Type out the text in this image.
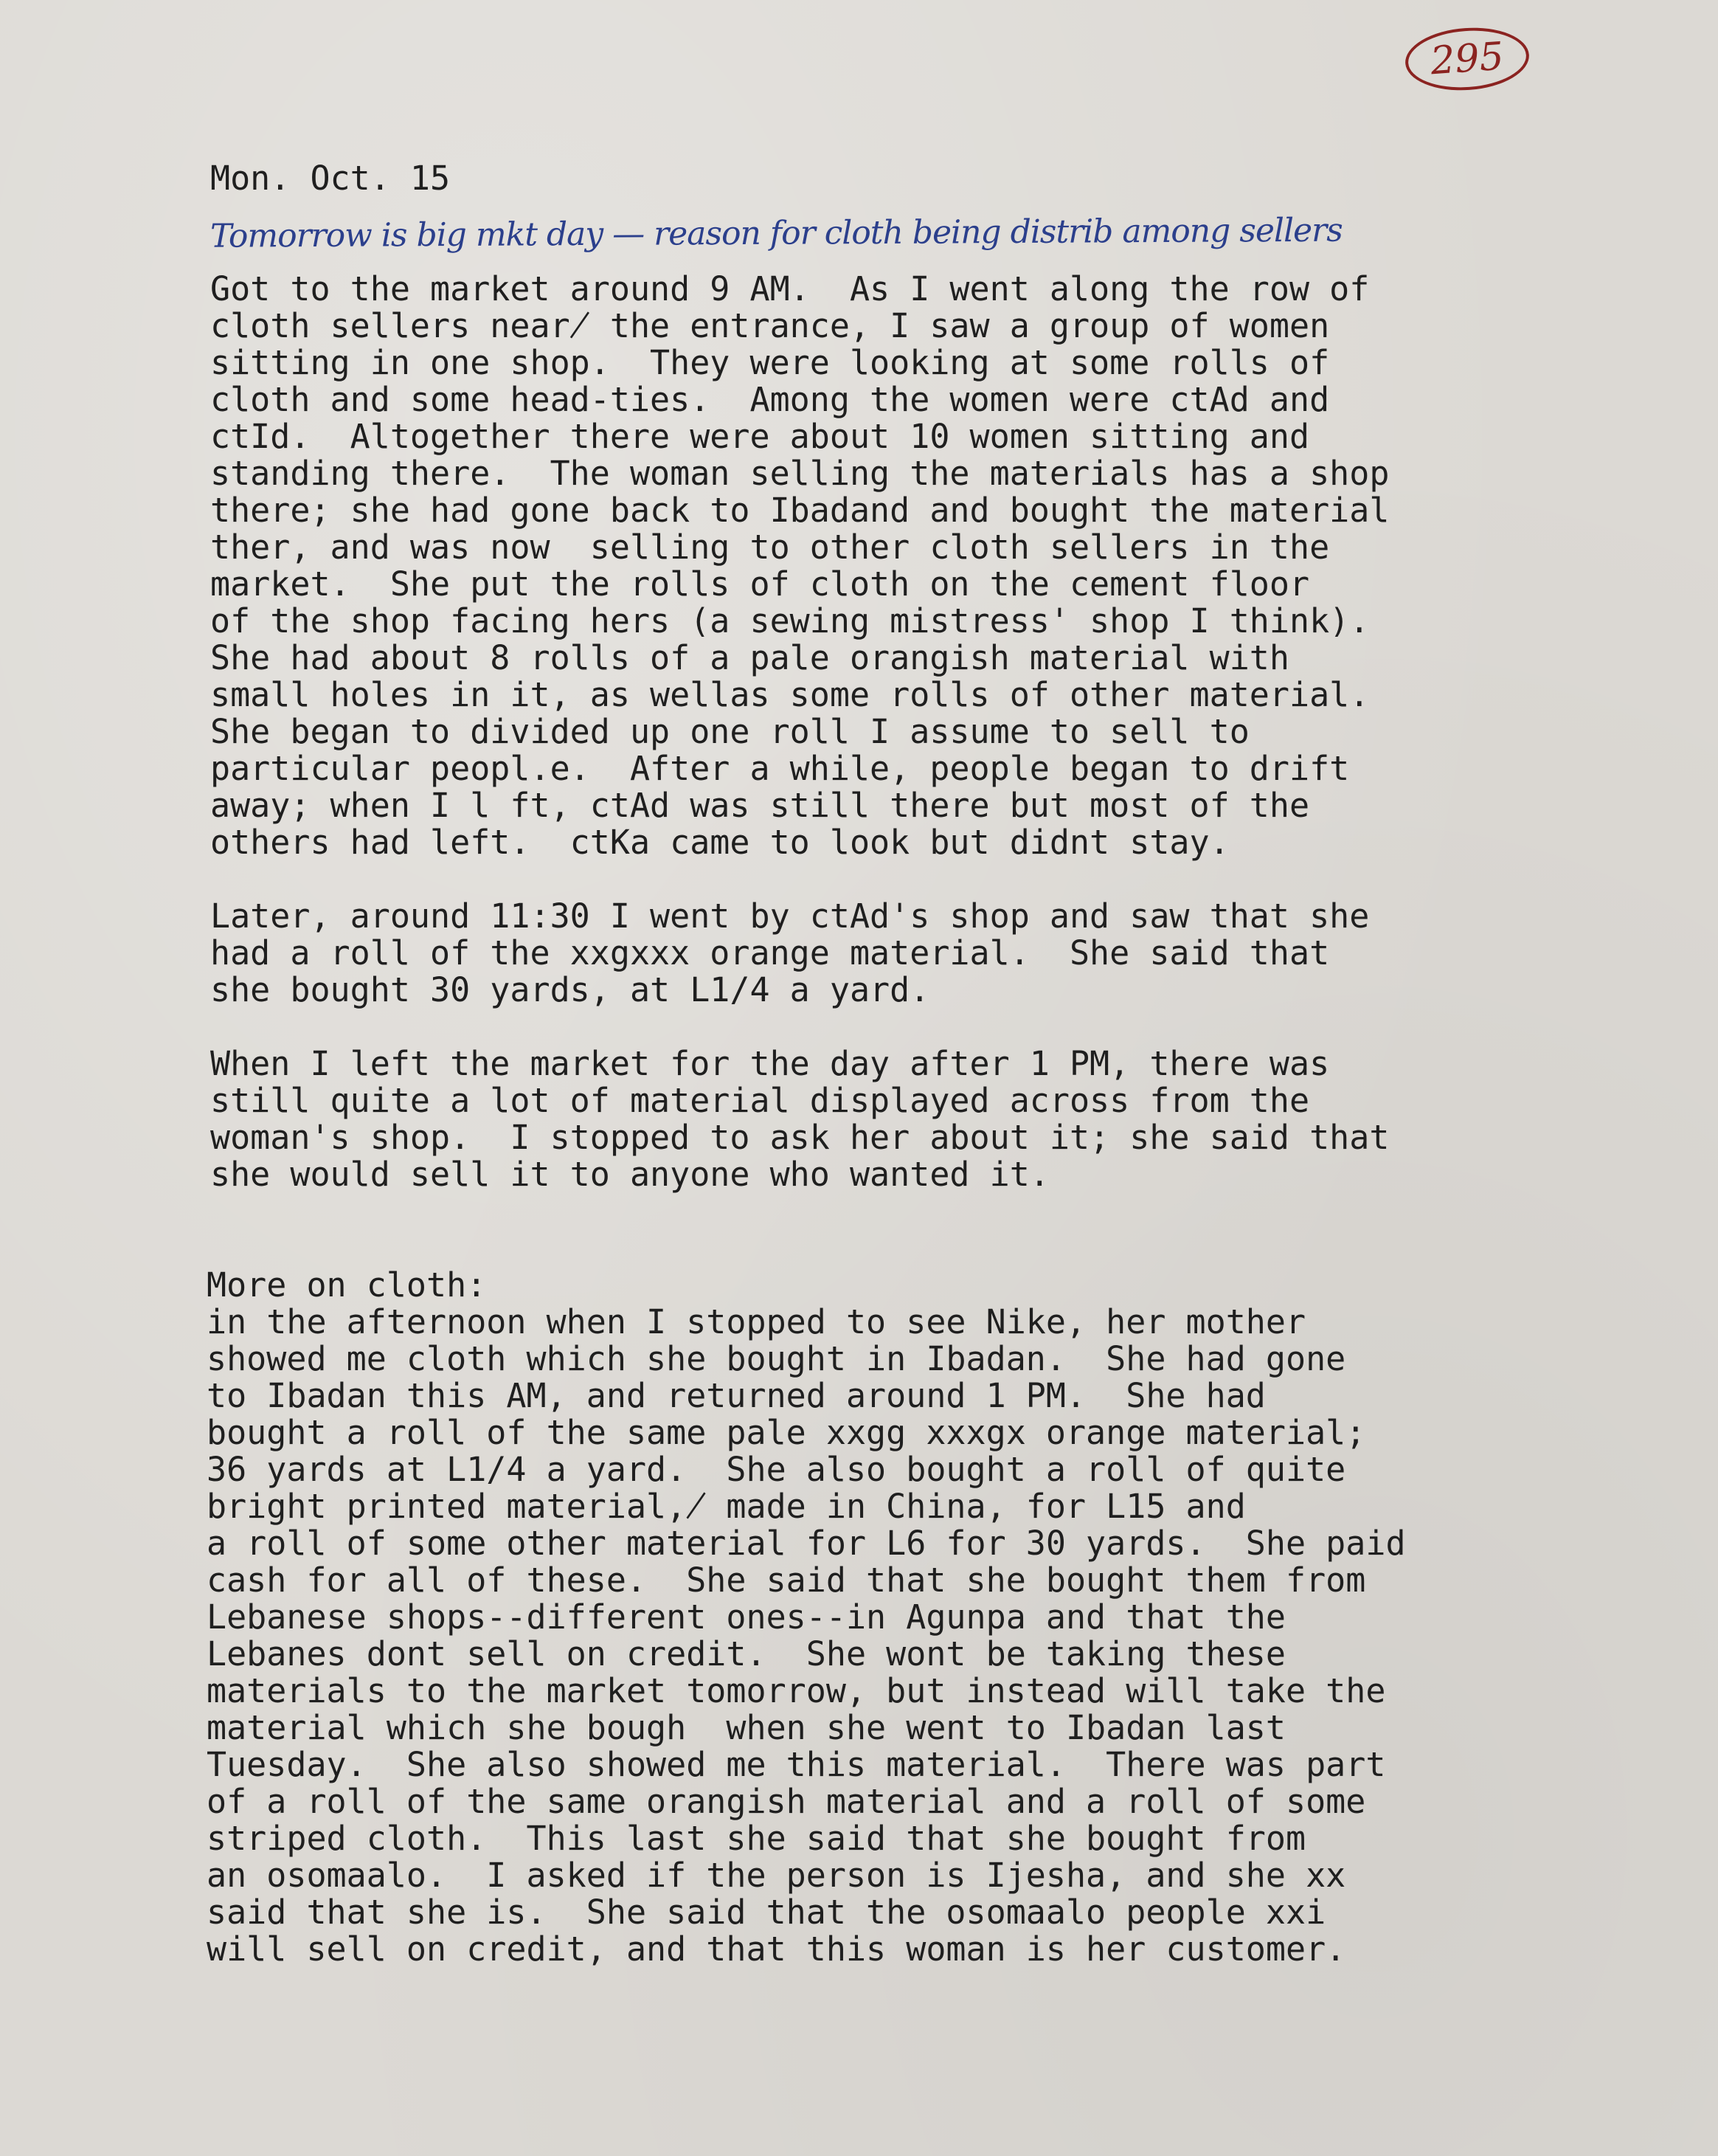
295
Mon. Oct. 15
Tomorrow is big mkt day — reason for cloth being distrib among sellers
Got to the market around 9 AM.  As I went along the row of
cloth sellers near̸ the entrance, I saw a group of women
sitting in one shop.  They were looking at some rolls of
cloth and some head-ties.  Among the women were ctAd and
ctId.  Altogether there were about 10 women sitting and
standing there.  The woman selling the materials has a shop
there; she had gone back to Ibadand and bought the material
ther, and was now  selling to other cloth sellers in the
market.  She put the rolls of cloth on the cement floor
of the shop facing hers (a sewing mistress' shop I think).
She had about 8 rolls of a pale orangish material with
small holes in it, as wellas some rolls of other material.
She began to divided up one roll I assume to sell to
particular peopl.e.  After a while, people began to drift
away; when I l ft, ctAd was still there but most of the
others had left.  ctKa came to look but didnt stay.
Later, around 11:30 I went by ctAd's shop and saw that she
had a roll of the xxgxxx orange material.  She said that
she bought 30 yards, at L1/4 a yard.
When I left the market for the day after 1 PM, there was
still quite a lot of material displayed across from the
woman's shop.  I stopped to ask her about it; she said that
she would sell it to anyone who wanted it.
More on cloth:
in the afternoon when I stopped to see Nike, her mother
showed me cloth which she bought in Ibadan.  She had gone
to Ibadan this AM, and returned around 1 PM.  She had
bought a roll of the same pale xxgg xxxgx orange material;
36 yards at L1/4 a yard.  She also bought a roll of quite
bright printed material,̸ made in China, for L15 and
a roll of some other material for L6 for 30 yards.  She paid
cash for all of these.  She said that she bought them from
Lebanese shops--different ones--in Agunpa and that the
Lebanes dont sell on credit.  She wont be taking these
materials to the market tomorrow, but instead will take the
material which she bough  when she went to Ibadan last
Tuesday.  She also showed me this material.  There was part
of a roll of the same orangish material and a roll of some
striped cloth.  This last she said that she bought from
an osomaalo.  I asked if the person is Ijesha, and she xx
said that she is.  She said that the osomaalo people xxi
will sell on credit, and that this woman is her customer.
